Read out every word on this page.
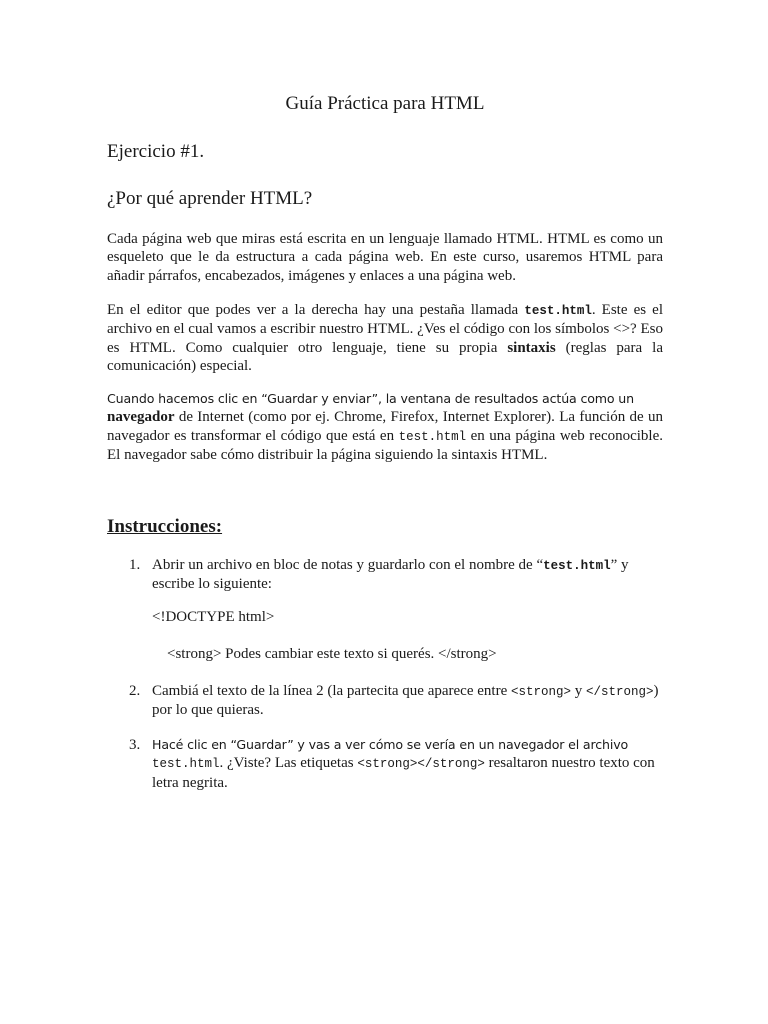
Guía Práctica para HTML
Ejercicio #1.
¿Por qué aprender HTML?

Cada página web que miras está escrita en un lenguaje llamado HTML. HTML es como un esqueleto que le da estructura a cada página web. En este curso, usaremos HTML para añadir párrafos, encabezados, imágenes y enlaces a una página web.

En el editor que podes ver a la derecha hay una pestaña llamada test.html. Este es el archivo en el cual vamos a escribir nuestro HTML. ¿Ves el código con los símbolos <>? Eso es HTML. Como cualquier otro lenguaje, tiene su propia sintaxis (reglas para la comunicación) especial.

Cuando hacemos clic en “Guardar y enviar”, la ventana de resultados actúa como un
navegador de Internet (como por ej. Chrome, Firefox, Internet Explorer). La función de un navegador es transformar el código que está en test.html en una página web reconocible. El navegador sabe cómo distribuir la página siguiendo la sintaxis HTML.

Instrucciones:
1. Abrir un archivo en bloc de notas y guardarlo con el nombre de “test.html” y escribe lo siguiente:

<!DOCTYPE html>

<strong> Podes cambiar este texto si querés. </strong>

2. Cambiá el texto de la línea 2 (la partecita que aparece entre <strong> y </strong>) por lo que quieras.
3. Hacé clic en “Guardar” y vas a ver cómo se vería en un navegador el archivo
test.html. ¿Viste? Las etiquetas <strong></strong> resaltaron nuestro texto con letra negrita.
